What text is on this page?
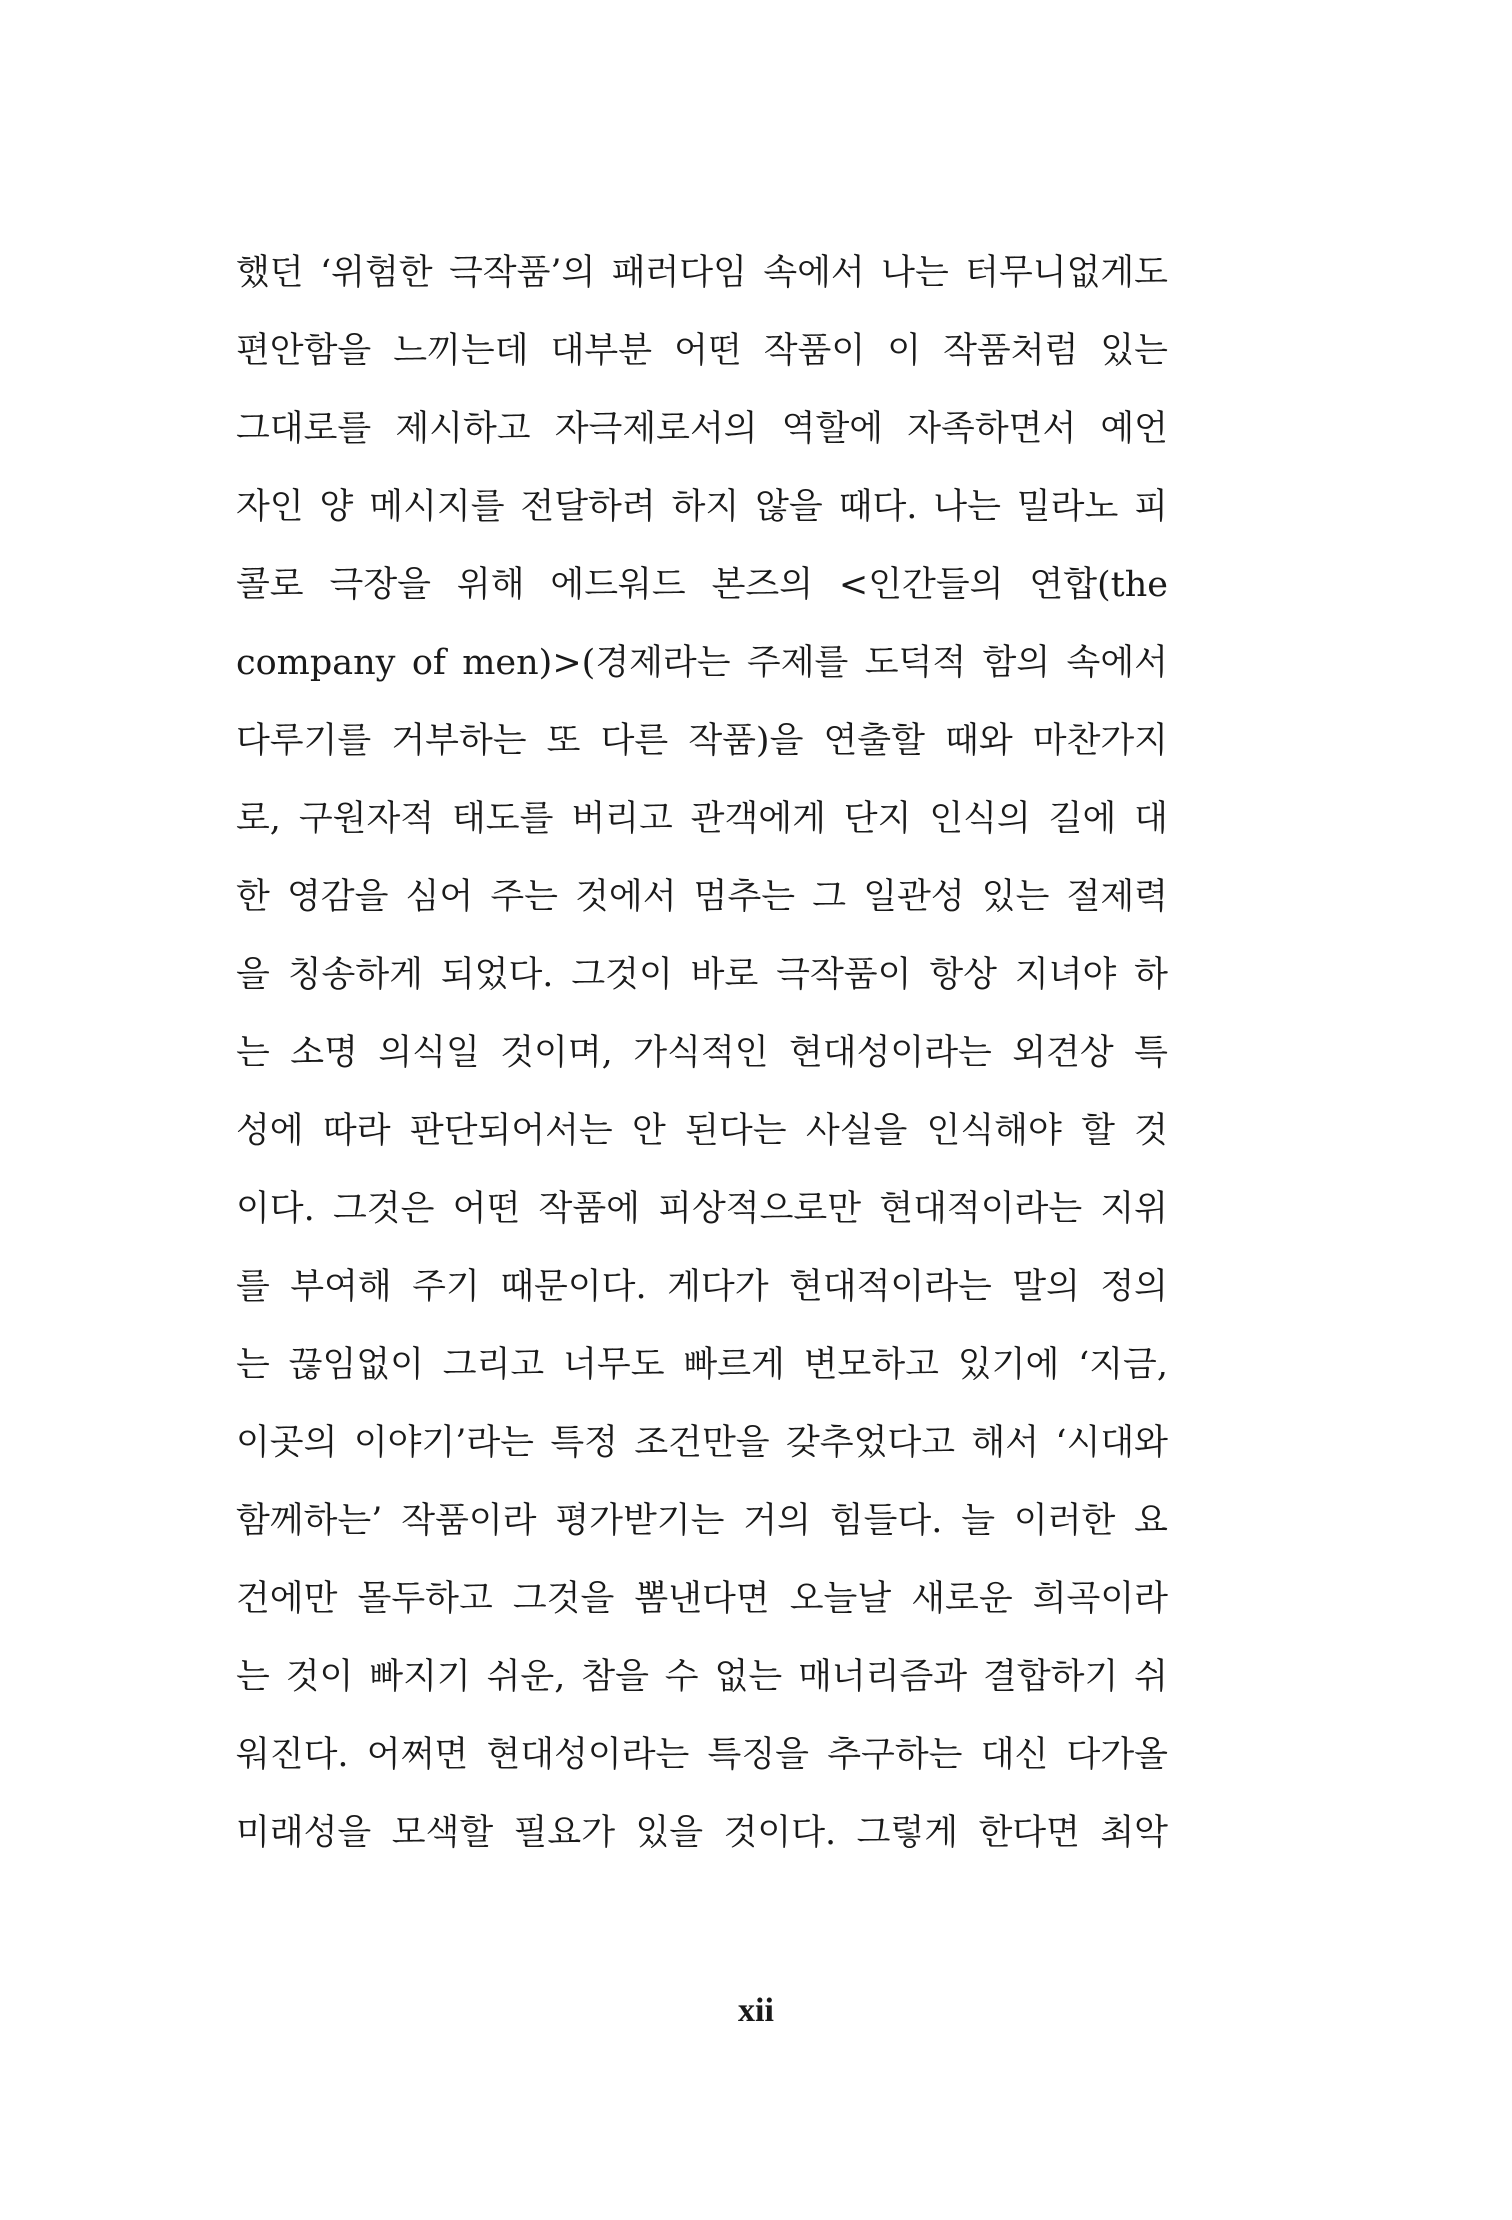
했던 ‘위험한 극작품’의 패러다임 속에서 나는 터무니없게도
편안함을 느끼는데 대부분 어떤 작품이 이 작품처럼 있는
그대로를 제시하고 자극제로서의 역할에 자족하면서 예언
자인 양 메시지를 전달하려 하지 않을 때다. 나는 밀라노 피
콜로 극장을 위해 에드워드 본즈의 <인간들의 연합(the
company of men)>(경제라는 주제를 도덕적 함의 속에서
다루기를 거부하는 또 다른 작품)을 연출할 때와 마찬가지
로, 구원자적 태도를 버리고 관객에게 단지 인식의 길에 대
한 영감을 심어 주는 것에서 멈추는 그 일관성 있는 절제력
을 칭송하게 되었다. 그것이 바로 극작품이 항상 지녀야 하
는 소명 의식일 것이며, 가식적인 현대성이라는 외견상 특
성에 따라 판단되어서는 안 된다는 사실을 인식해야 할 것
이다. 그것은 어떤 작품에 피상적으로만 현대적이라는 지위
를 부여해 주기 때문이다. 게다가 현대적이라는 말의 정의
는 끊임없이 그리고 너무도 빠르게 변모하고 있기에 ‘지금,
이곳의 이야기’라는 특정 조건만을 갖추었다고 해서 ‘시대와
함께하는’ 작품이라 평가받기는 거의 힘들다. 늘 이러한 요
건에만 몰두하고 그것을 뽐낸다면 오늘날 새로운 희곡이라
는 것이 빠지기 쉬운, 참을 수 없는 매너리즘과 결합하기 쉬
워진다. 어쩌면 현대성이라는 특징을 추구하는 대신 다가올
미래성을 모색할 필요가 있을 것이다. 그렇게 한다면 최악
xii
